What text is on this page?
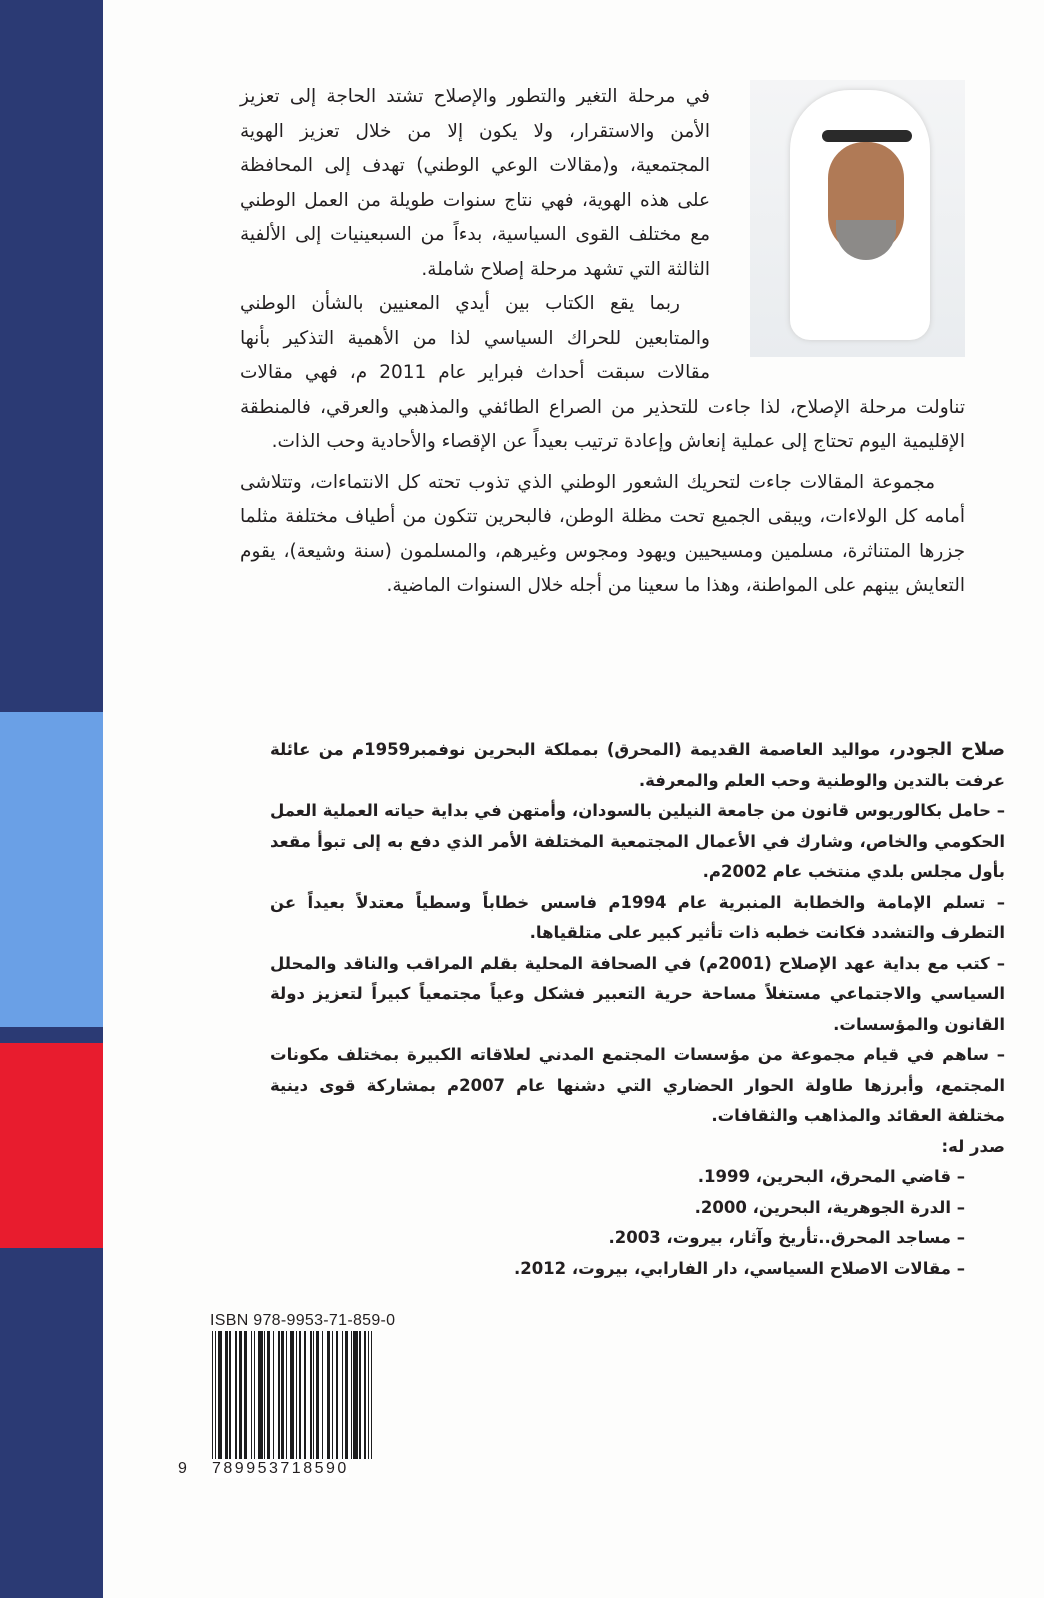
في مرحلة التغير والتطور والإصلاح تشتد الحاجة إلى تعزيز الأمن والاستقرار، ولا يكون إلا من خلال تعزيز الهوية المجتمعية، و(مقالات الوعي الوطني) تهدف إلى المحافظة على هذه الهوية، فهي نتاج سنوات طويلة من العمل الوطني مع مختلف القوى السياسية، بدءاً من السبعينيات إلى الألفية الثالثة التي تشهد مرحلة إصلاح شاملة.

ربما يقع الكتاب بين أيدي المعنيين بالشأن الوطني والمتابعين للحراك السياسي لذا من الأهمية التذكير بأنها مقالات سبقت أحداث فبراير عام 2011 م، فهي مقالات تناولت مرحلة الإصلاح، لذا جاءت للتحذير من الصراع الطائفي والمذهبي والعرقي، فالمنطقة الإقليمية اليوم تحتاج إلى عملية إنعاش وإعادة ترتيب بعيداً عن الإقصاء والأحادية وحب الذات.

مجموعة المقالات جاءت لتحريك الشعور الوطني الذي تذوب تحته كل الانتماءات، وتتلاشى أمامه كل الولاءات، ويبقى الجميع تحت مظلة الوطن، فالبحرين تتكون من أطياف مختلفة مثلما جزرها المتناثرة، مسلمين ومسيحيين ويهود ومجوس وغيرهم، والمسلمون (سنة وشيعة)، يقوم التعايش بينهم على المواطنة، وهذا ما سعينا من أجله خلال السنوات الماضية.

صلاح الجودر، مواليد العاصمة القديمة (المحرق) بمملكة البحرين نوفمبر1959م من عائلة عرفت بالتدين والوطنية وحب العلم والمعرفة.

– حامل بكالوريوس قانون من جامعة النيلين بالسودان، وأمتهن في بداية حياته العملية العمل الحكومي والخاص، وشارك في الأعمال المجتمعية المختلفة الأمر الذي دفع به إلى تبوأ مقعد بأول مجلس بلدي منتخب عام 2002م.

– تسلم الإمامة والخطابة المنبرية عام 1994م فاسس خطاباً وسطياً معتدلاً بعيداً عن التطرف والتشدد فكانت خطبه ذات تأثير كبير على متلقياها.

– كتب مع بداية عهد الإصلاح (2001م) في الصحافة المحلية بقلم المراقب والناقد والمحلل السياسي والاجتماعي مستغلاً مساحة حرية التعبير فشكل وعياً مجتمعياً كبيراً لتعزيز دولة القانون والمؤسسات.

– ساهم في قيام مجموعة من مؤسسات المجتمع المدني لعلاقاته الكبيرة بمختلف مكونات المجتمع، وأبرزها طاولة الحوار الحضاري التي دشنها عام 2007م بمشاركة قوى دينية مختلفة العقائد والمذاهب والثقافات.

صدر له:

– قاضي المحرق، البحرين، 1999.
– الدرة الجوهرية، البحرين، 2000.
– مساجد المحرق..تأريخ وآثار، بيروت، 2003.
– مقالات الاصلاح السياسي، دار الفارابي، بيروت، 2012.
ISBN 978-9953-71-859-0
9 789953718590
